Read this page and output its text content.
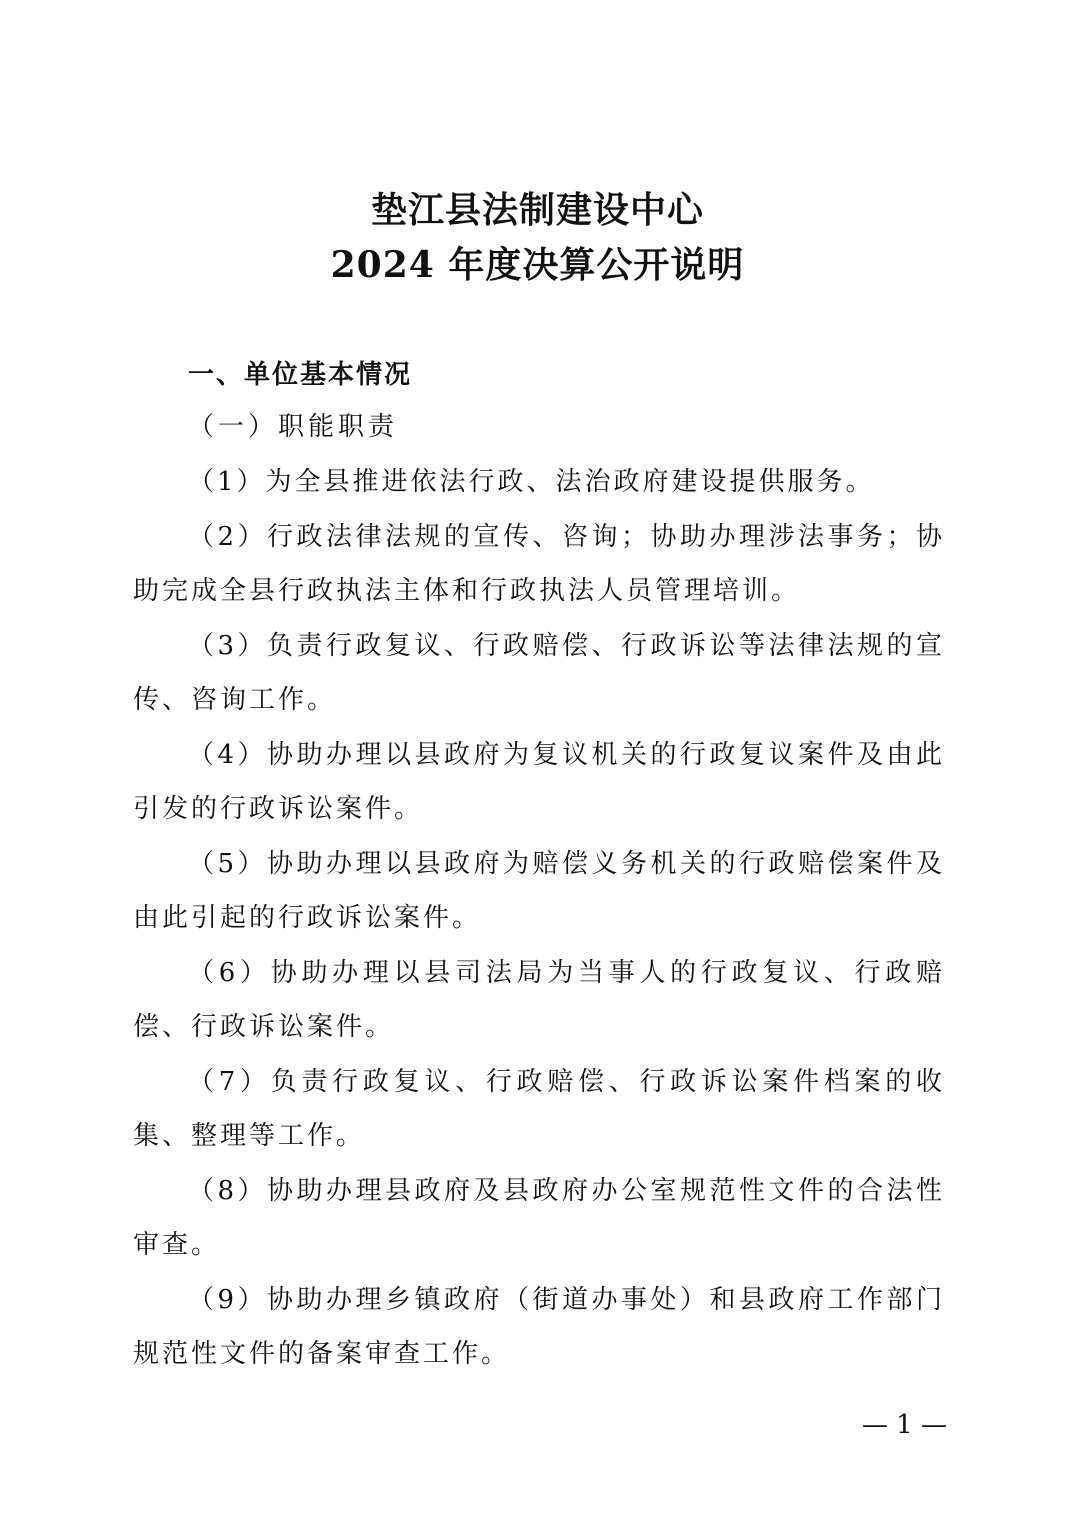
垫江县法制建设中心
2024 年度决算公开说明
一、单位基本情况
（一）职能职责

（1）为全县推进依法行政、法治政府建设提供服务。

（2）行政法律法规的宣传、咨询；协助办理涉法事务；协助完成全县行政执法主体和行政执法人员管理培训。

（3）负责行政复议、行政赔偿、行政诉讼等法律法规的宣传、咨询工作。

（4）协助办理以县政府为复议机关的行政复议案件及由此引发的行政诉讼案件。

（5）协助办理以县政府为赔偿义务机关的行政赔偿案件及由此引起的行政诉讼案件。

（6）协助办理以县司法局为当事人的行政复议、行政赔偿、行政诉讼案件。

（7）负责行政复议、行政赔偿、行政诉讼案件档案的收集、整理等工作。

（8）协助办理县政府及县政府办公室规范性文件的合法性审查。

（9）协助办理乡镇政府（街道办事处）和县政府工作部门规范性文件的备案审查工作。

— 1 —
